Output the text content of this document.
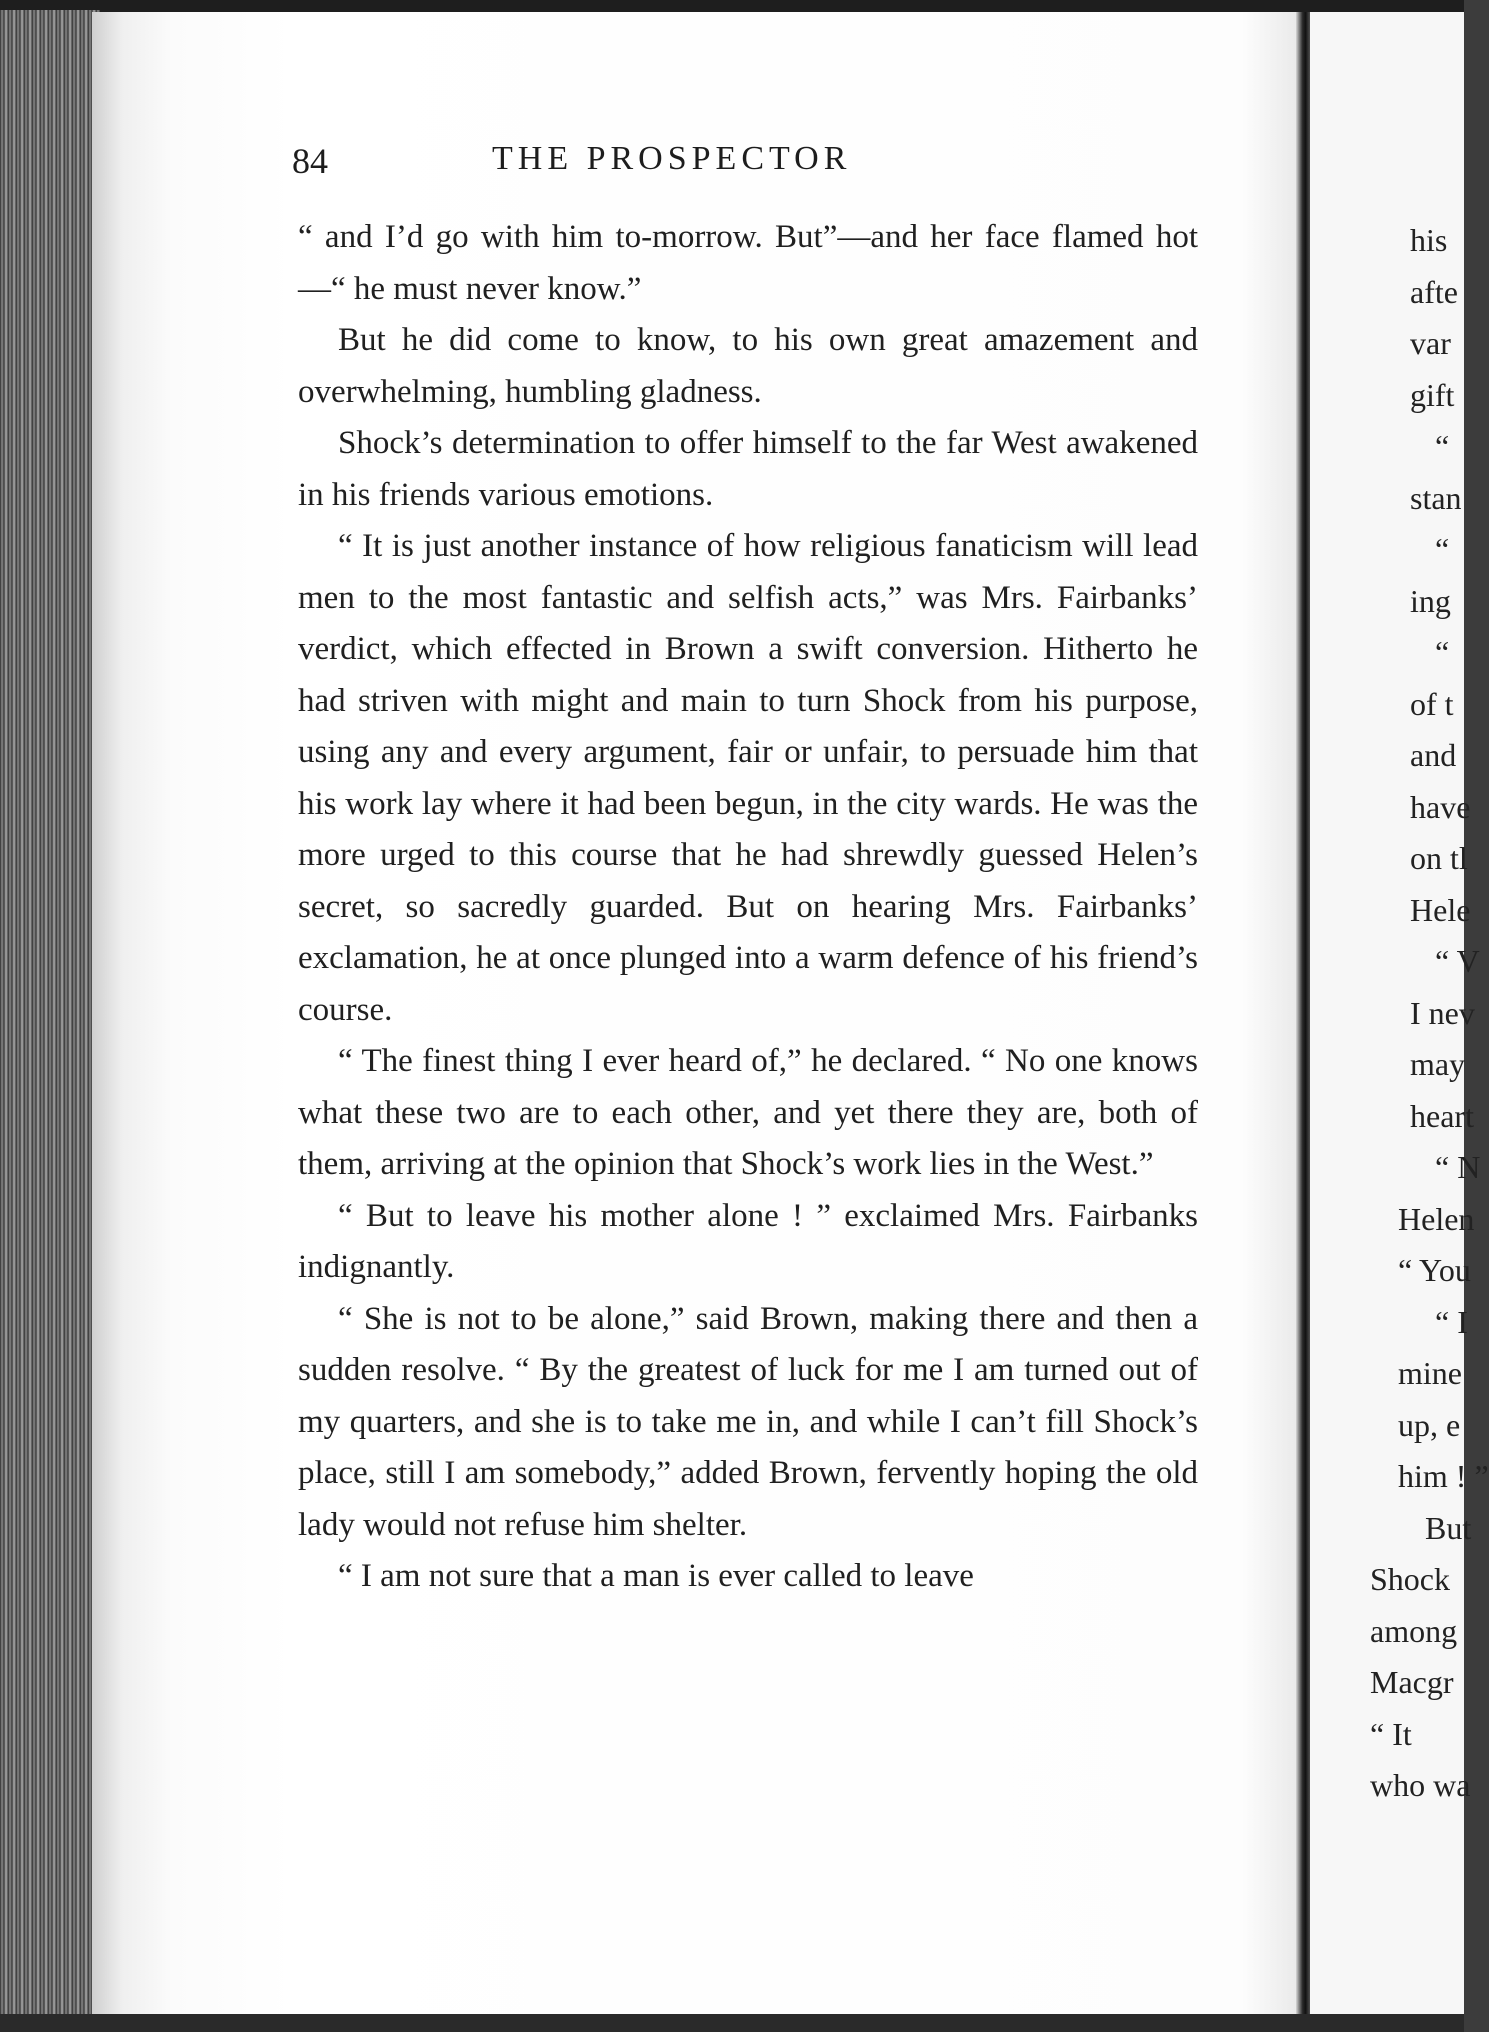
84	THE PROSPECTOR

“ and I’d go with him to-morrow. But”—and her face flamed hot—“ he must never know.”

But he did come to know, to his own great amazement and overwhelming, humbling gladness.

Shock’s determination to offer himself to the far West awakened in his friends various emotions.

“ It is just another instance of how religious fanaticism will lead men to the most fantastic and selfish acts,” was Mrs. Fairbanks’ verdict, which effected in Brown a swift conversion. Hitherto he had striven with might and main to turn Shock from his purpose, using any and every argument, fair or unfair, to persuade him that his work lay where it had been begun, in the city wards. He was the more urged to this course that he had shrewdly guessed Helen’s secret, so sacredly guarded. But on hearing Mrs. Fairbanks’ exclamation, he at once plunged into a warm defence of his friend’s course.

“ The finest thing I ever heard of,” he declared. “ No one knows what these two are to each other, and yet there they are, both of them, arriving at the opinion that Shock’s work lies in the West.”

“ But to leave his mother alone ! ” exclaimed Mrs. Fairbanks indignantly.

“ She is not to be alone,” said Brown, making there and then a sudden resolve. “ By the greatest of luck for me I am turned out of my quarters, and she is to take me in, and while I can’t fill Shock’s place, still I am somebody,” added Brown, fervently hoping the old lady would not refuse him shelter.

“ I am not sure that a man is ever called to leave

his
afte
var
gift
“
stan
“
ing
“
of t
and
have
on tl
Hele
“ V
I nev
may
heart
“ N
Helen
“ You
“ I
mine
up, e
him ! ”
But
Shock
among
Macgr
“ It
who wa
